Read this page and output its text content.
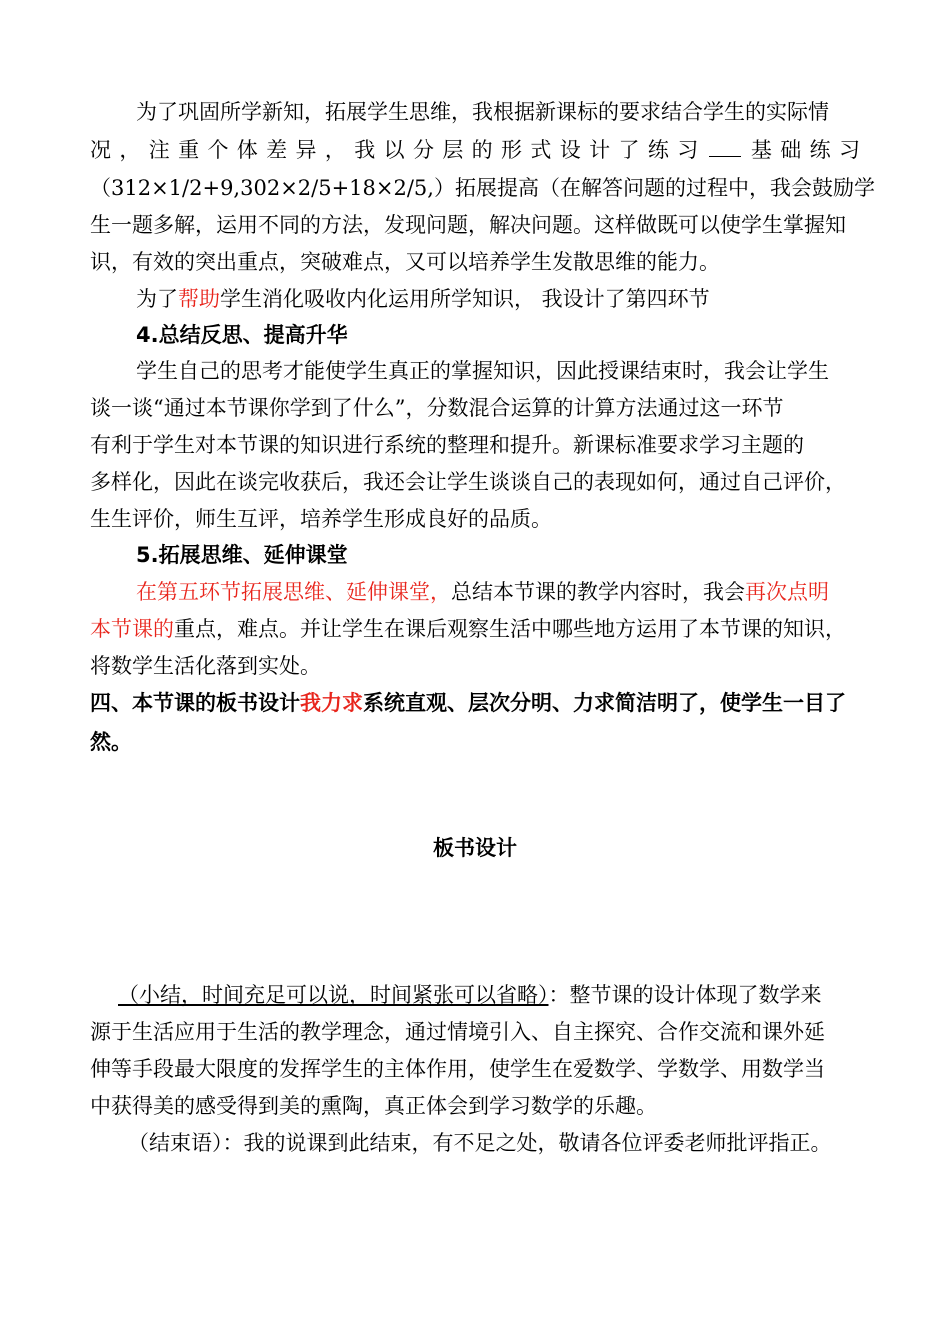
为了巩固所学新知，拓展学生思维，我根据新课标的要求结合学生的实际情
况，注重个体差异，我以分层的形式设计了练习 基础练习
（312×1/2+9,302×2/5+18×2/5,）拓展提高（在解答问题的过程中，我会鼓励学
生一题多解，运用不同的方法，发现问题，解决问题。这样做既可以使学生掌握知
识，有效的突出重点，突破难点，又可以培养学生发散思维的能力。
为了帮助学生消化吸收内化运用所学知识， 我设计了第四环节
4.总结反思、提高升华
学生自己的思考才能使学生真正的掌握知识，因此授课结束时，我会让学生
谈一谈“通过本节课你学到了什么”，分数混合运算的计算方法通过这一环节
有利于学生对本节课的知识进行系统的整理和提升。新课标准要求学习主题的
多样化，因此在谈完收获后，我还会让学生谈谈自己的表现如何，通过自己评价，
生生评价，师生互评，培养学生形成良好的品质。
5.拓展思维、延伸课堂
在第五环节拓展思维、延伸课堂，总结本节课的教学内容时，我会再次点明
本节课的重点，难点。并让学生在课后观察生活中哪些地方运用了本节课的知识，
将数学生活化落到实处。
四、本节课的板书设计我力求系统直观、层次分明、力求简洁明了，使学生一目了
然。
板书设计
（小结，时间充足可以说，时间紧张可以省略）：整节课的设计体现了数学来
源于生活应用于生活的教学理念，通过情境引入、自主探究、合作交流和课外延
伸等手段最大限度的发挥学生的主体作用，使学生在爱数学、学数学、用数学当
中获得美的感受得到美的熏陶，真正体会到学习数学的乐趣。
（结束语）：我的说课到此结束，有不足之处，敬请各位评委老师批评指正。
